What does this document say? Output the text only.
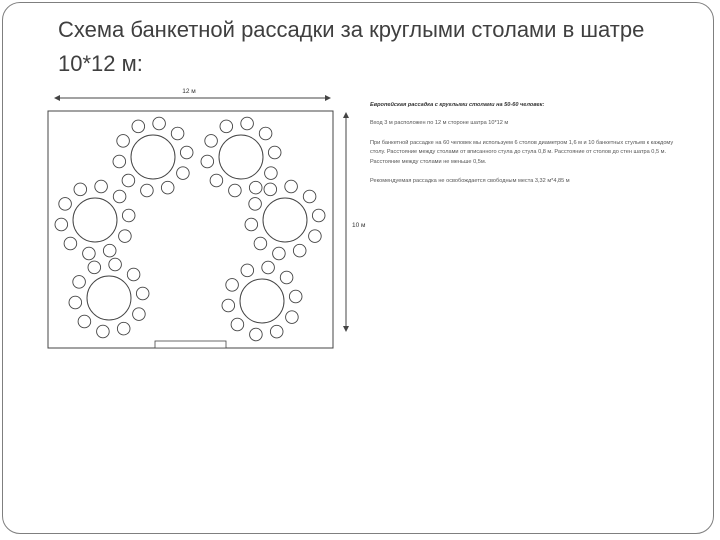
Схема банкетной рассадки за круглыми столами в шатре 10*12 м:
12 м
10 м
Европейская рассадка с круглыми столами на 50-60 человек:
Вход 3 м расположен по 12 м стороне шатра 10*12 м
При банкетной рассадке на 60 человек мы используем 6 столов диаметром 1,6 м и 10 банкетных стульев к каждому столу. Расстояние между столами от вписанного стула до стула 0,8 м. Расстояние от столов до стен шатра 0,5 м. Расстояние между столами не меньше 0,5м.
Рекомендуемая рассадка не освобождается свободным места 3,32 м*4,85 м
